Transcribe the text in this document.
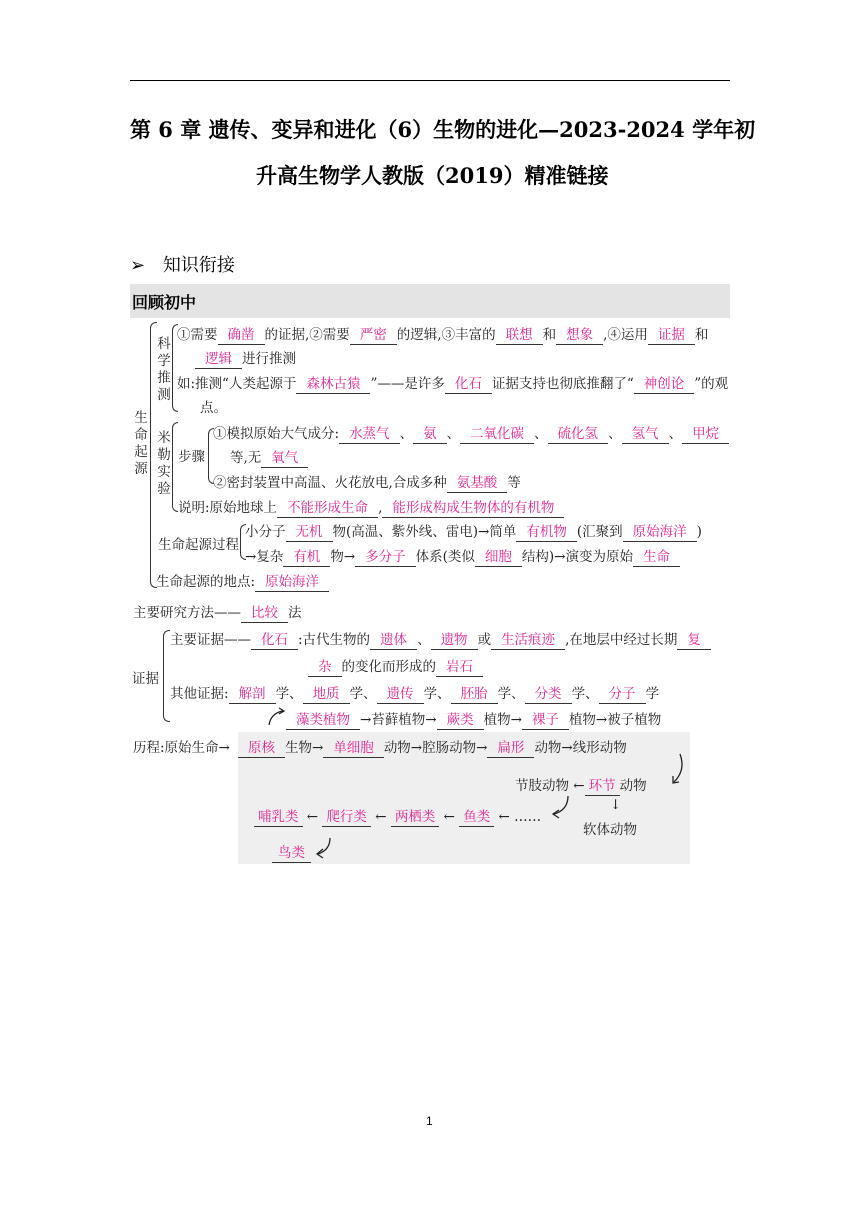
第 6 章 遗传、变异和进化（6）生物的进化—2023-2024 学年初
升高生物学人教版（2019）精准链接
➢ 知识衔接
回顾初中
生命起源
科学推测
①需要 确凿 的证据,②需要 严密 的逻辑,③丰富的 联想 和 想象 ,④运用 证据 和
逻辑 进行推测
如:推测“人类起源于 森林古猿 ”——是许多 化石 证据支持也彻底推翻了“ 神创论 ”的观
点。
米勒实验
步骤
①模拟原始大气成分: 水蒸气 、 氨 、 二氧化碳 、 硫化氢 、 氢气 、 甲烷
等,无 氧气
②密封装置中高温、火花放电,合成多种 氨基酸 等
说明:原始地球上 不能形成生命 , 能形成构成生物体的有机物
生命起源过程
小分子 无机 物(高温、紫外线、雷电)→简单 有机物 (汇聚到 原始海洋 )
→复杂 有机 物→ 多分子 体系(类似 细胞 结构)→演变为原始 生命
生命起源的地点: 原始海洋
主要研究方法—— 比较 法
证据
主要证据—— 化石 :古代生物的 遗体 、 遗物 或 生活痕迹 ,在地层中经过长期 复
杂 的变化而形成的 岩石
其他证据: 解剖 学、 地质 学、 遗传 学、 胚胎 学、 分类 学、 分子 学
藻类植物 →苔藓植物→ 蕨类 植物→ 裸子 植物→被子植物
历程:原始生命→	原核 生物→ 单细胞 动物→腔肠动物→ 扁形 动物→线形动物
节肢动物 ← 环节 动物
↓
软体动物
哺乳类 ← 爬行类 ← 两栖类 ← 鱼类 ← ……
鸟类
1
